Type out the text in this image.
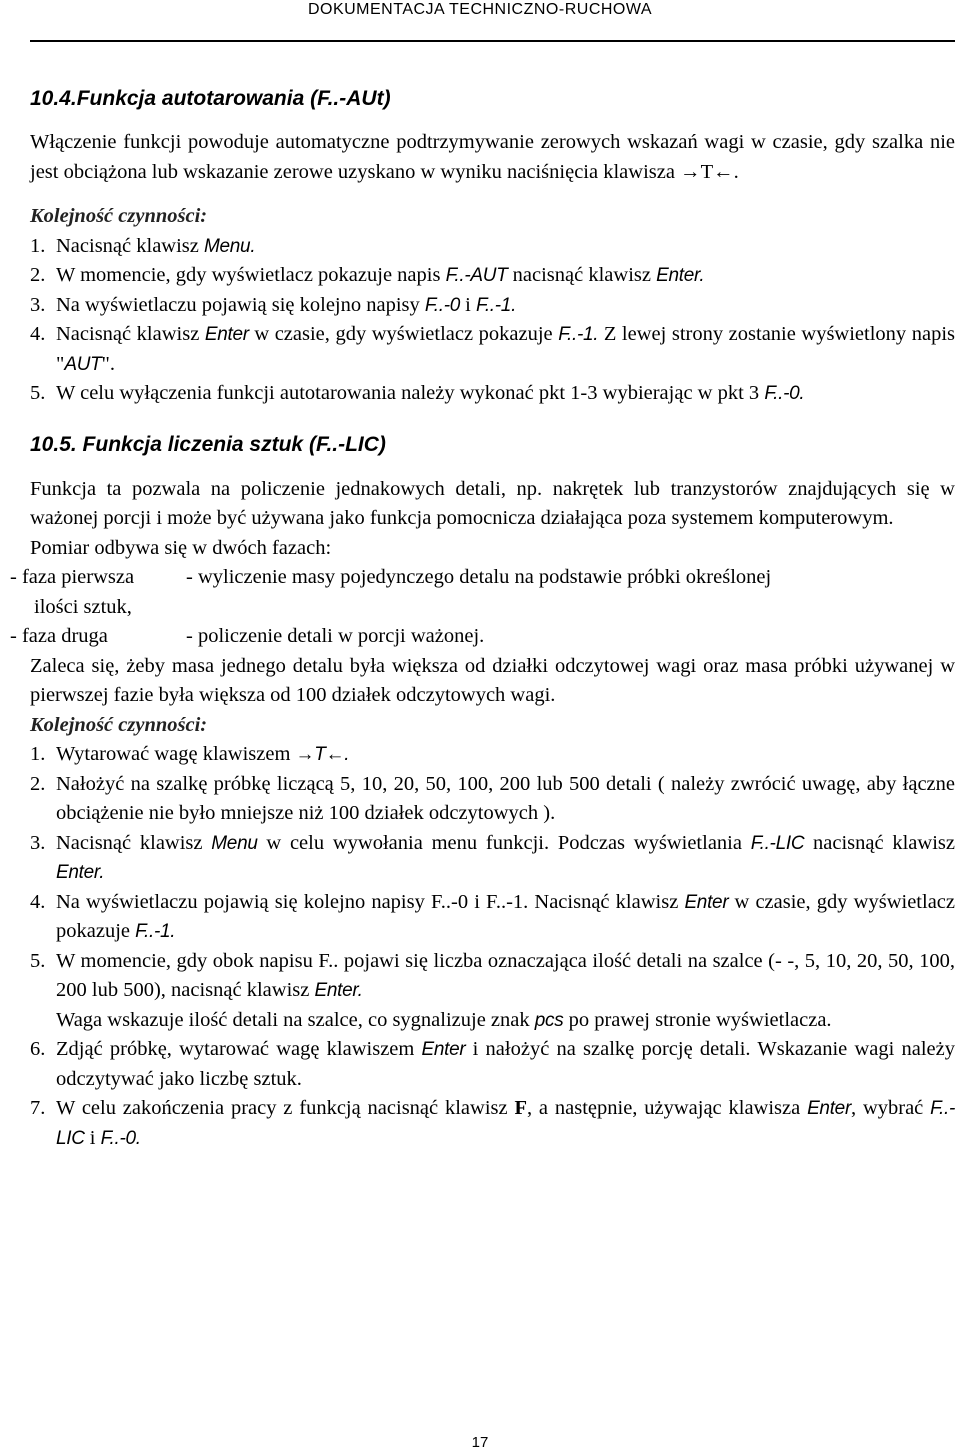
DOKUMENTACJA TECHNICZNO-RUCHOWA
10.4.Funkcja autotarowania (F..-AUt)

Włączenie funkcji powoduje automatyczne podtrzymywanie zerowych wskazań wagi w czasie, gdy szalka nie jest obciążona lub wskazanie zerowe uzyskano w wyniku naciśnięcia klawisza →T←.

Kolejność czynności:

1. Nacisnąć klawisz Menu.
2. W momencie, gdy wyświetlacz pokazuje napis F..-AUT nacisnąć klawisz Enter.
3. Na wyświetlaczu pojawią się kolejno napisy F..-0 i F..-1.
4. Nacisnąć klawisz Enter w czasie, gdy wyświetlacz pokazuje F..-1. Z lewej strony zostanie wyświetlony napis "AUT".
5. W celu wyłączenia funkcji autotarowania należy wykonać pkt 1-3 wybierając w pkt 3 F..-0.
10.5. Funkcja liczenia sztuk (F..-LIC)

Funkcja ta pozwala na policzenie jednakowych detali, np. nakrętek lub tranzystorów znajdujących się w ważonej porcji i może być używana jako funkcja pomocnicza działająca poza systemem komputerowym.

Pomiar odbywa się w dwóch fazach:

- faza pierwsza	- wyliczenie masy pojedynczego detalu na podstawie próbki określonej

ilości sztuk,

- faza druga	- policzenie detali w porcji ważonej.

Zaleca się, żeby masa jednego detalu była większa od działki odczytowej wagi oraz masa próbki używanej w pierwszej fazie była większa od 100 działek odczytowych wagi.

Kolejność czynności:

1. Wytarować wagę klawiszem →T←.
2. Nałożyć na szalkę próbkę liczącą 5, 10, 20, 50, 100, 200 lub 500 detali ( należy zwrócić uwagę, aby łączne obciążenie nie było mniejsze niż 100 działek odczytowych ).
3. Nacisnąć klawisz Menu w celu wywołania menu funkcji. Podczas wyświetlania F..-LIC nacisnąć klawisz Enter.
4. Na wyświetlaczu pojawią się kolejno napisy F..-0 i F..-1. Nacisnąć klawisz Enter w czasie, gdy wyświetlacz pokazuje F..-1.
5. W momencie, gdy obok napisu F.. pojawi się liczba oznaczająca ilość detali na szalce (- -, 5, 10, 20, 50, 100, 200 lub 500), nacisnąć klawisz Enter.
Waga wskazuje ilość detali na szalce, co sygnalizuje znak pcs po prawej stronie wyświetlacza.
6. Zdjąć próbkę, wytarować wagę klawiszem Enter i nałożyć na szalkę porcję detali. Wskazanie wagi należy odczytywać jako liczbę sztuk.
7. W celu zakończenia pracy z funkcją nacisnąć klawisz F, a następnie, używając klawisza Enter, wybrać F..-LIC i F..-0.
17
